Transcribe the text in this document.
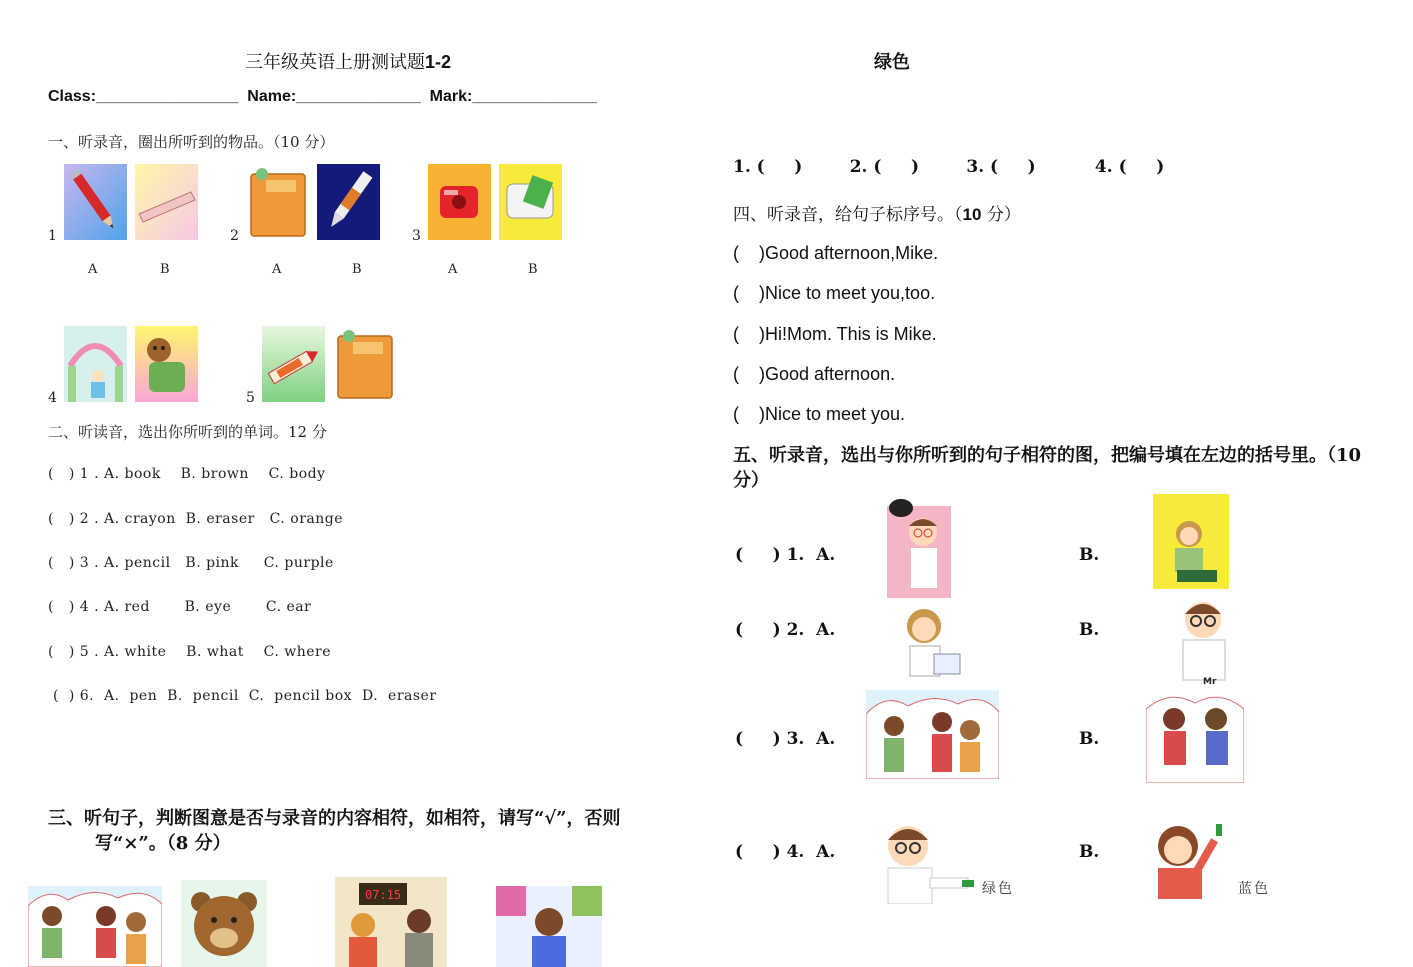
三年级英语上册测试题1-2	绿色
Class:________________  Name:______________  Mark:______________
一、听录音，圈出所听到的物品。（10 分）
1	2	3
4	5
A	B	A	B	A	B
二、听读音，选出你所听到的单词。12 分
(   ) 1 . A. book    B. brown    C. body
(   ) 2 . A. crayon  B. eraser   C. orange
(   ) 3 . A. pencil   B. pink     C. purple
(   ) 4 . A. red       B. eye       C. ear
(   ) 5 . A. white    B. what    C. where
(  ) 6.  A.  pen  B.  pencil  C.  pencil box  D.  eraser
三、听句子，判断图意是否与录音的内容相符，如相符，请写“√”，否则
写“×”。（8 分）
07:15
1. (     )        2. (     )        3. (     )          4. (     )
四、听录音，给句子标序号。（10 分）
(    )Good afternoon,Mike.
(    )Nice to meet you,too.
(    )Hi!Mom. This is Mike.
(    )Good afternoon.
(    )Nice to meet you.
五、听录音，选出与你所听到的句子相符的图，把编号填在左边的括号里。（10 分）
(     ) 1.  A.	B.
(     ) 2.  A.	B.
(     ) 3.  A.	B.
(     ) 4.  A.	B.
Mr
绿色	蓝色
